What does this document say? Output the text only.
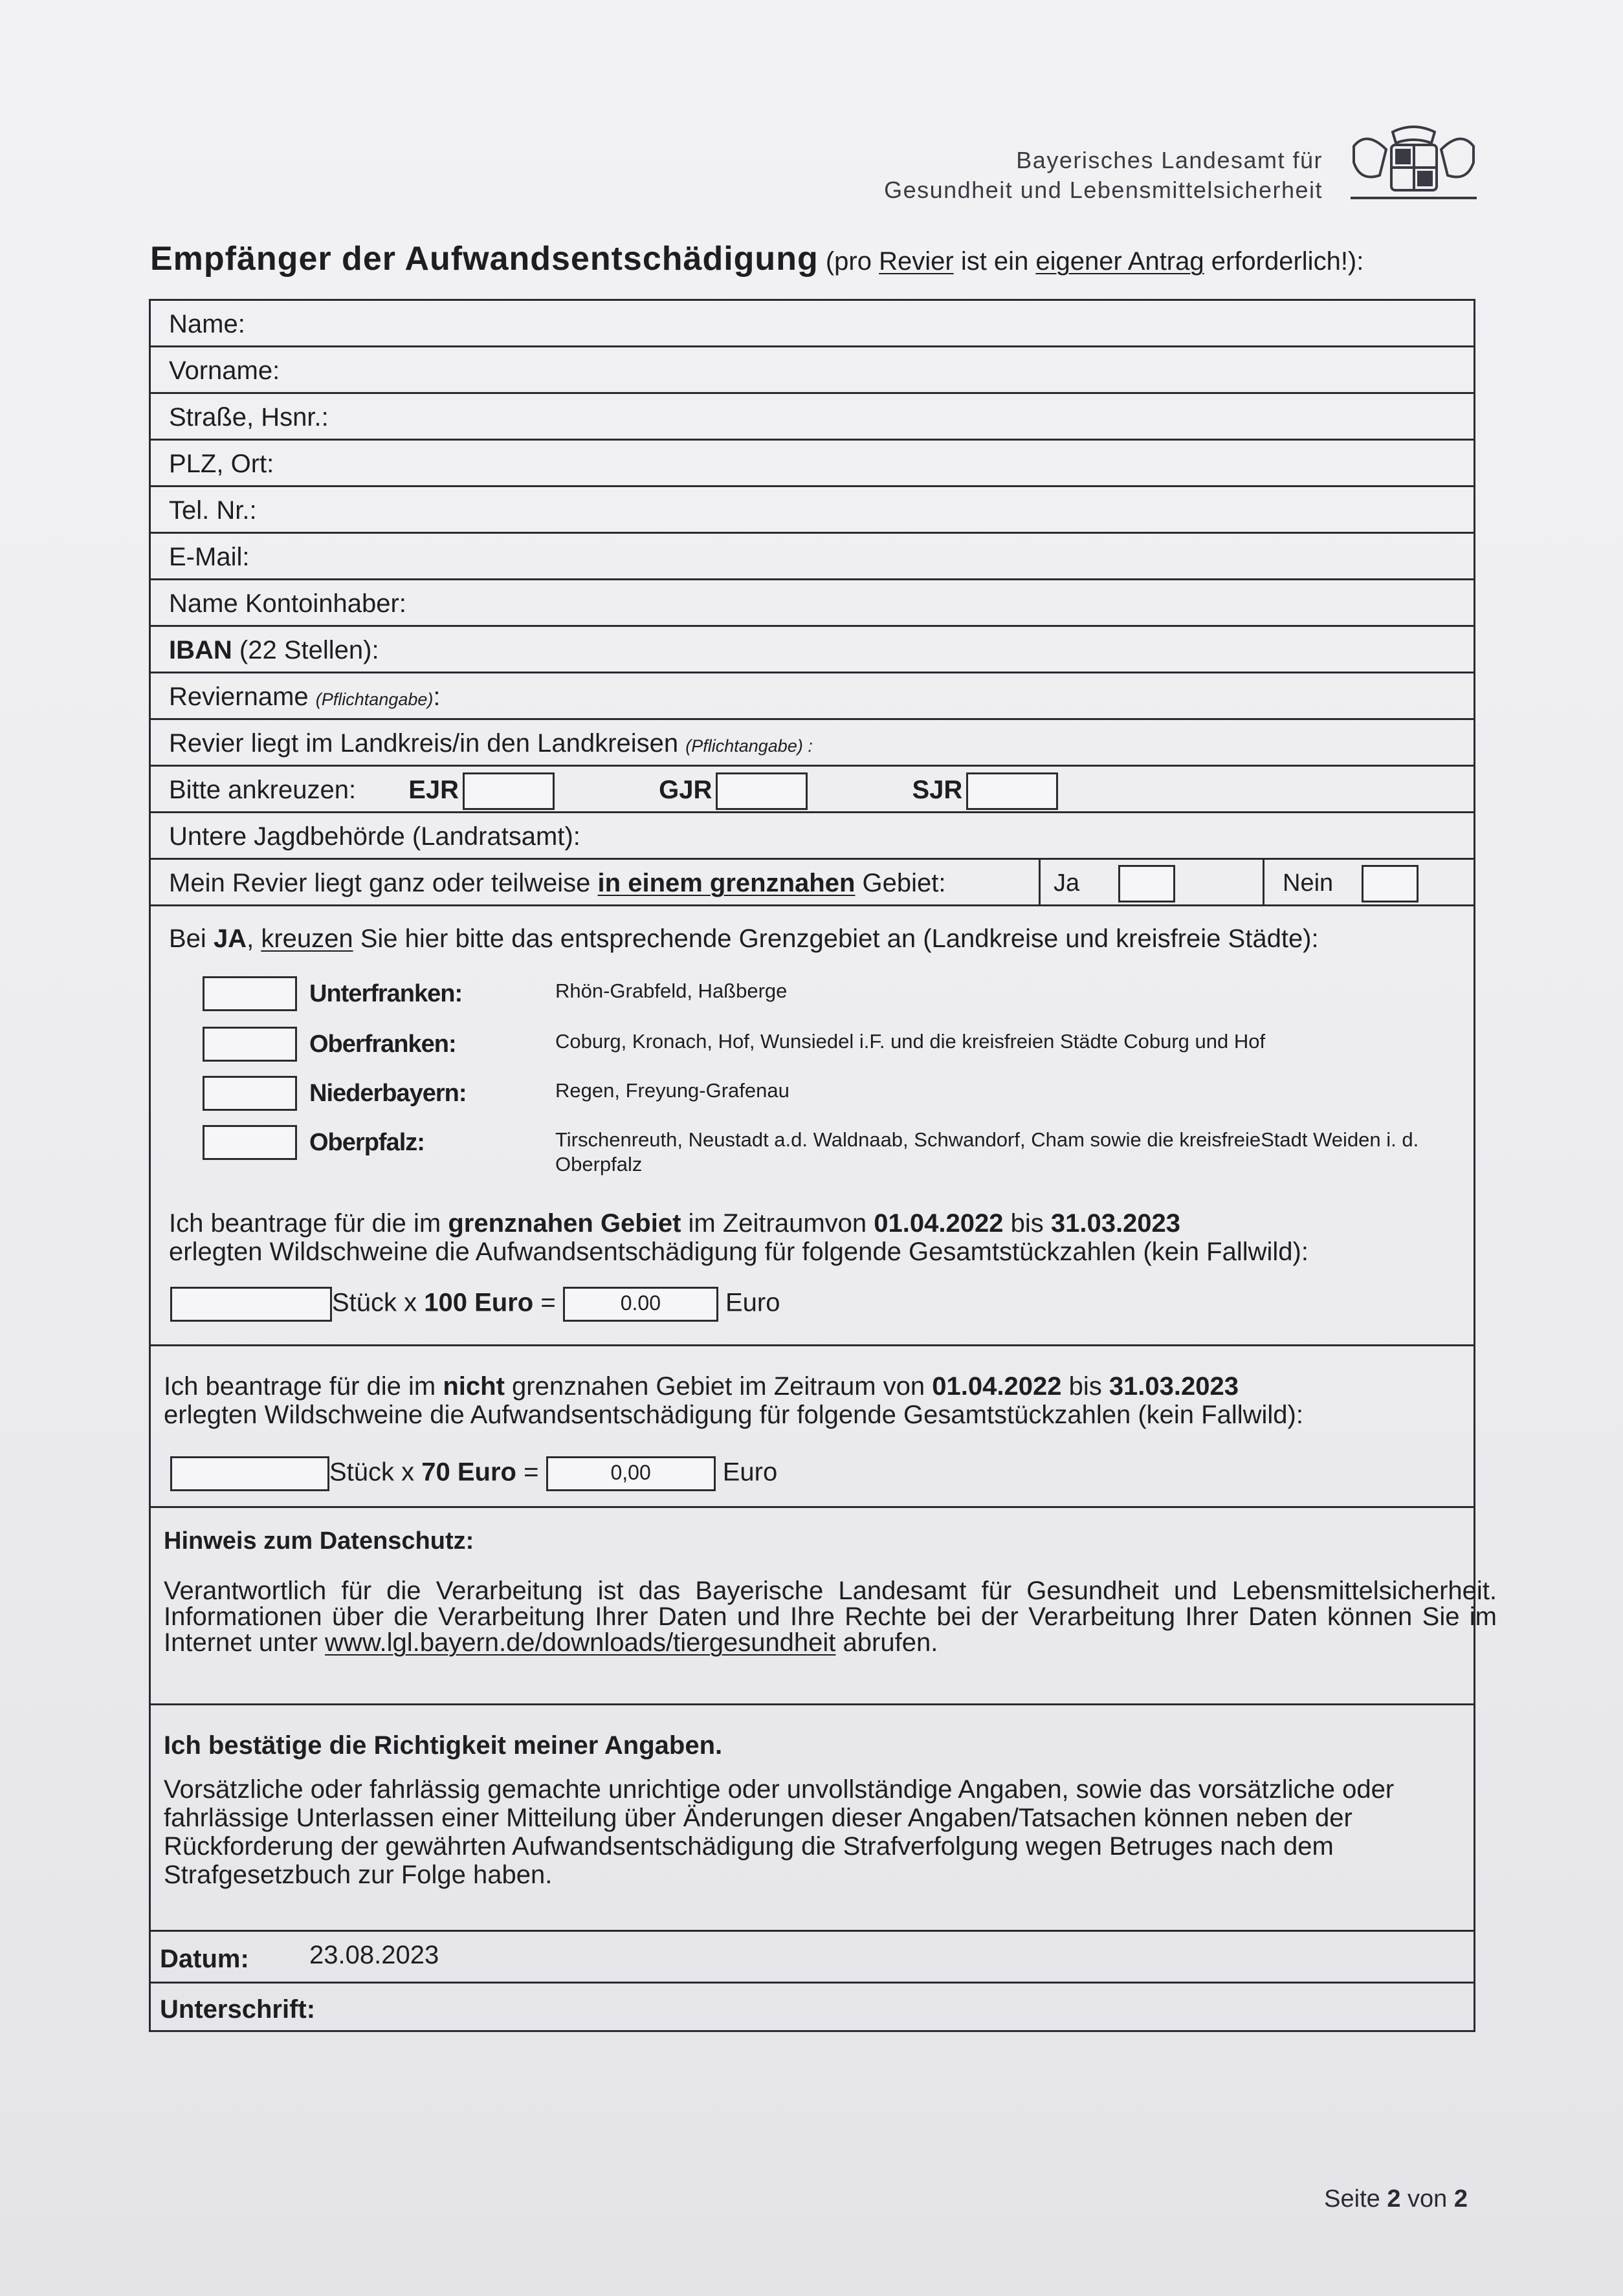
Bayerisches Landesamt für
Gesundheit und Lebensmittelsicherheit
Empfänger der Aufwandsentschädigung (pro Revier ist ein eigener Antrag erforderlich!):
Name:
Vorname:
Straße, Hsnr.:
PLZ, Ort:
Tel. Nr.:
E-Mail:
Name Kontoinhaber:
IBAN (22 Stellen):
Reviername (Pflichtangabe):
Revier liegt im Landkreis/in den Landkreisen (Pflichtangabe) :
Bitte ankreuzen: EJR	GJR	SJR
Untere Jagdbehörde (Landratsamt):
Mein Revier liegt ganz oder teilweise in einem grenznahen Gebiet:	Ja	Nein
Bei JA, kreuzen Sie hier bitte das entsprechende Grenzgebiet an (Landkreise und kreisfreie Städte):
Unterfranken:	Rhön-Grabfeld, Haßberge
Oberfranken:	Coburg, Kronach, Hof, Wunsiedel i.F. und die kreisfreien Städte Coburg und Hof
Niederbayern:	Regen, Freyung-Grafenau
Oberpfalz:	Tirschenreuth, Neustadt a.d. Waldnaab, Schwandorf, Cham sowie die kreisfreieStadt Weiden i. d. Oberpfalz
Ich beantrage für die im grenznahen Gebiet im Zeitraumvon 01.04.2022 bis 31.03.2023
erlegten Wildschweine die Aufwandsentschädigung für folgende Gesamtstückzahlen (kein Fallwild):
Stück x 100 Euro =	0.00 Euro
Ich beantrage für die im nicht grenznahen Gebiet im Zeitraum von 01.04.2022 bis 31.03.2023
erlegten Wildschweine die Aufwandsentschädigung für folgende Gesamtstückzahlen (kein Fallwild):
Stück x 70 Euro =	0,00	Euro
Hinweis zum Datenschutz:
Verantwortlich für die Verarbeitung ist das Bayerische Landesamt für Gesundheit und Lebensmittelsicherheit. Informationen über die Verarbeitung Ihrer Daten und Ihre Rechte bei der Verarbeitung Ihrer Daten können Sie im Internet unter www.lgl.bayern.de/downloads/tiergesundheit abrufen.
Ich bestätige die Richtigkeit meiner Angaben.
Vorsätzliche oder fahrlässig gemachte unrichtige oder unvollständige Angaben, sowie das vorsätzliche oder fahrlässige Unterlassen einer Mitteilung über Änderungen dieser Angaben/Tatsachen können neben der Rückforderung der gewährten Aufwandsentschädigung die Strafverfolgung wegen Betruges nach dem Strafgesetzbuch zur Folge haben.
Datum: 23.08.2023
Unterschrift:
Seite 2 von 2
